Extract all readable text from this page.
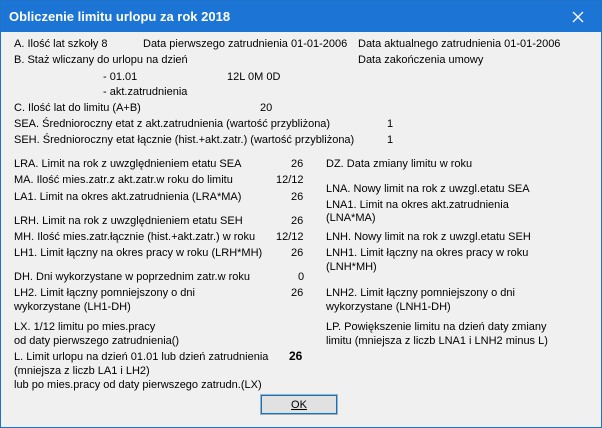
Obliczenie limitu urlopu za rok 2018
A. Ilość lat szkoły 8	Data pierwszego zatrudnienia 01-01-2006 Data aktualnego zatrudnienia 01-01-2006
B. Staż wliczany do urlopu na dzień	Data zakończenia umowy
- 01.01	12L 0M 0D
- akt.zatrudnienia
C. Ilość lat do limitu (A+B)	20
SEA. Średnioroczny etat z akt.zatrudnienia (wartość przybliżona)	1
SEH. Średnioroczny etat łącznie (hist.+akt.zatr.) (wartość przybliżona)	1
LRA. Limit na rok z uwzględnieniem etatu SEA	26
MA. Ilość mies.zatr.z akt.zatr.w roku do limitu	12/12
LA1. Limit na okres akt.zatrudnienia (LRA*MA)	26
LRH. Limit na rok z uwzględnieniem etatu SEH	26
MH. Ilość mies.zatr.łącznie (hist.+akt.zatr.) w roku 12/12
LH1. Limit łączny na okres pracy w roku (LRH*MH)	26
DH. Dni wykorzystane w poprzednim zatr.w roku	0
LH2. Limit łączny pomniejszony o dni	26
wykorzystane (LH1-DH)
LX. 1/12 limitu po mies.pracy
od daty pierwszego zatrudnienia()
L. Limit urlopu na dzień 01.01 lub dzień zatrudnienia 26
(mniejsza z liczb LA1 i LH2)
lub po mies.pracy od daty pierwszego zatrudn.(LX)
DZ. Data zmiany limitu w roku
LNA. Nowy limit na rok z uwzgl.etatu SEA
LNA1. Limit na okres akt.zatrudnienia
(LNA*MA)
LNH. Nowy limit na rok z uwzgl.etatu SEH
LNH1. Limit łączny na okres pracy w roku
(LNH*MH)
LNH2. Limit łączny pomniejszony o dni
wykorzystane (LNH1-DH)
LP. Powiększenie limitu na dzień daty zmiany
limitu (mniejsza z liczb LNA1 i LNH2 minus L)
OK
